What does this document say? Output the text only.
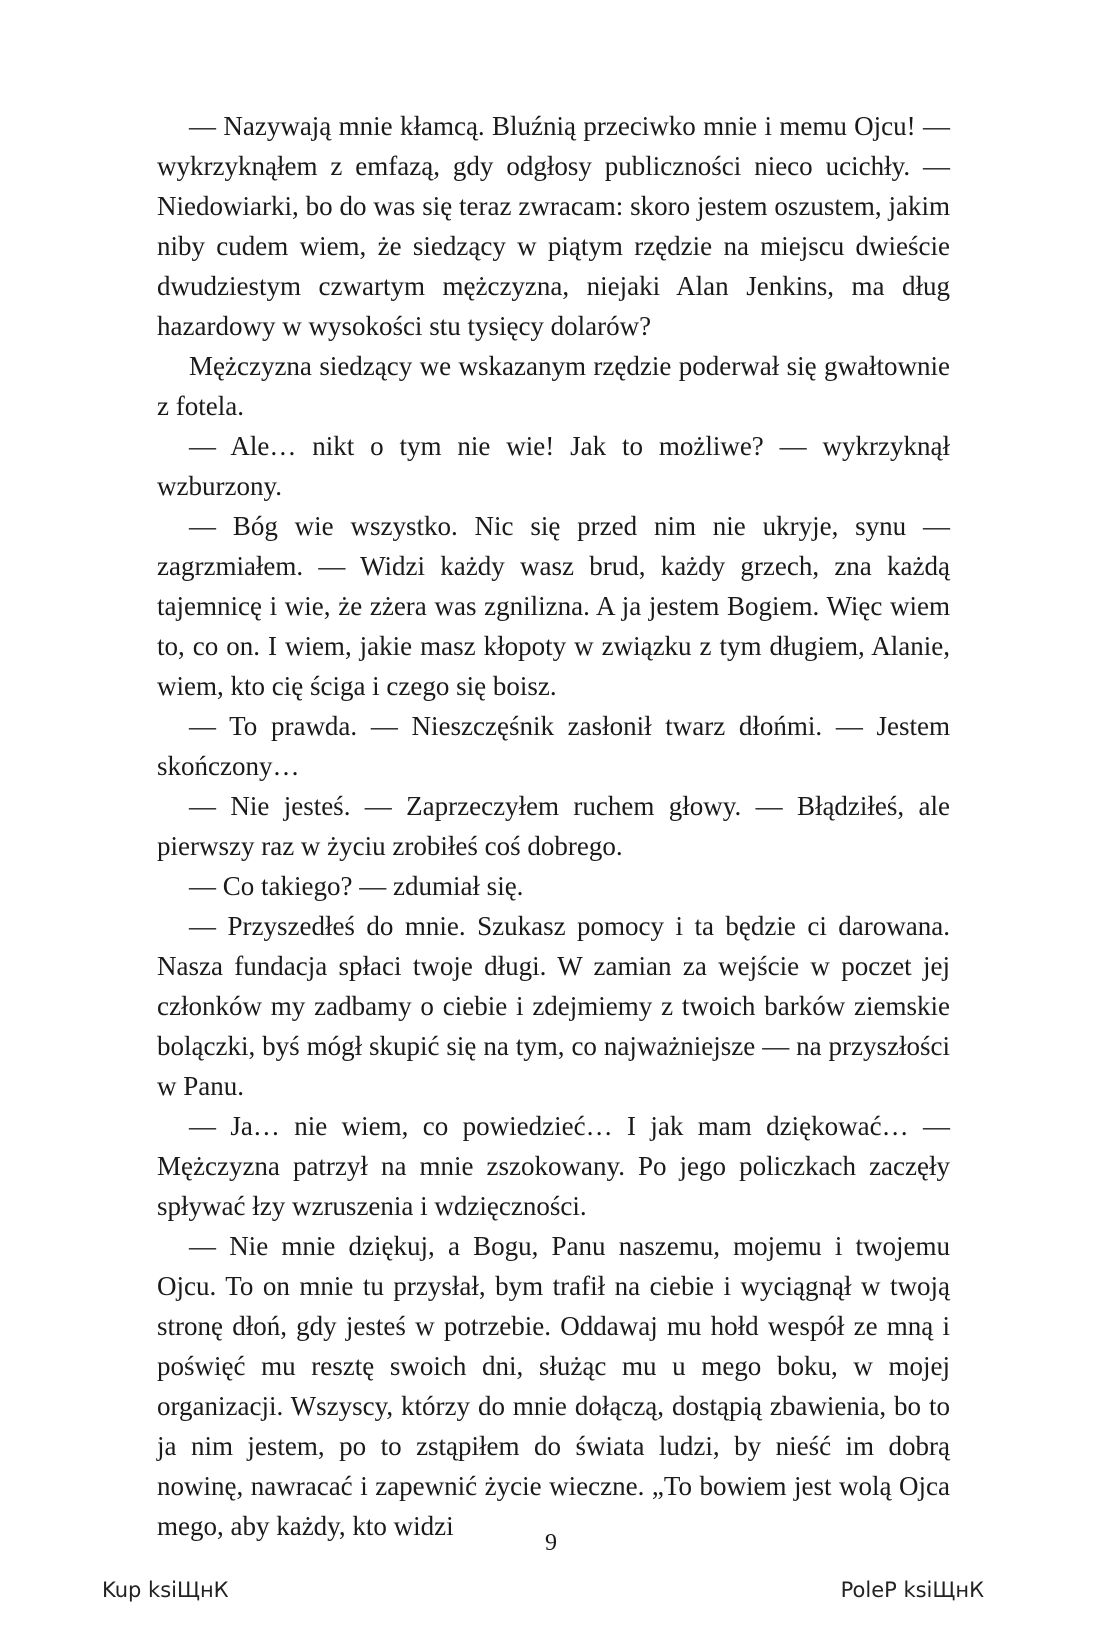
— Nazywają mnie kłamcą. Bluźnią przeciwko mnie i memu Ojcu! — wykrzyknąłem z emfazą, gdy odgłosy publiczności nieco ucichły. — Niedowiarki, bo do was się teraz zwracam: skoro jestem oszustem, jakim niby cudem wiem, że siedzący w piątym rzędzie na miejscu dwieście dwudziestym czwartym mężczyzna, niejaki Alan Jenkins, ma dług hazardowy w wysokości stu tysięcy dolarów?

Mężczyzna siedzący we wskazanym rzędzie poderwał się gwałtownie z fotela.

— Ale… nikt o tym nie wie! Jak to możliwe? — wykrzyknął wzburzony.

— Bóg wie wszystko. Nic się przed nim nie ukryje, synu — zagrzmiałem. — Widzi każdy wasz brud, każdy grzech, zna każdą tajemnicę i wie, że zżera was zgnilizna. A ja jestem Bogiem. Więc wiem to, co on. I wiem, jakie masz kłopoty w związku z tym długiem, Alanie, wiem, kto cię ściga i czego się boisz.

— To prawda. — Nieszczęśnik zasłonił twarz dłońmi. — Jestem skończony…

— Nie jesteś. — Zaprzeczyłem ruchem głowy. — Błądziłeś, ale pierwszy raz w życiu zrobiłeś coś dobrego.

— Co takiego? — zdumiał się.

— Przyszedłeś do mnie. Szukasz pomocy i ta będzie ci darowana. Nasza fundacja spłaci twoje długi. W zamian za wejście w poczet jej członków my zadbamy o ciebie i zdejmiemy z twoich barków ziemskie bolączki, byś mógł skupić się na tym, co najważniejsze — na przyszłości w Panu.

— Ja… nie wiem, co powiedzieć… I jak mam dziękować… — Mężczyzna patrzył na mnie zszokowany. Po jego policzkach zaczęły spływać łzy wzruszenia i wdzięczności.

— Nie mnie dziękuj, a Bogu, Panu naszemu, mojemu i twojemu Ojcu. To on mnie tu przysłał, bym trafił na ciebie i wyciągnął w twoją stronę dłoń, gdy jesteś w potrzebie. Oddawaj mu hołd wespół ze mną i poświęć mu resztę swoich dni, służąc mu u mego boku, w mojej organizacji. Wszyscy, którzy do mnie dołączą, dostąpią zbawienia, bo to ja nim jestem, po to zstąpiłem do świata ludzi, by nieść im dobrą nowinę, nawracać i zapewnić życie wieczne. „To bowiem jest wolą Ojca mego, aby każdy, kto widzi

9
Kup ksiЩнК	PoleР ksiЩнК
